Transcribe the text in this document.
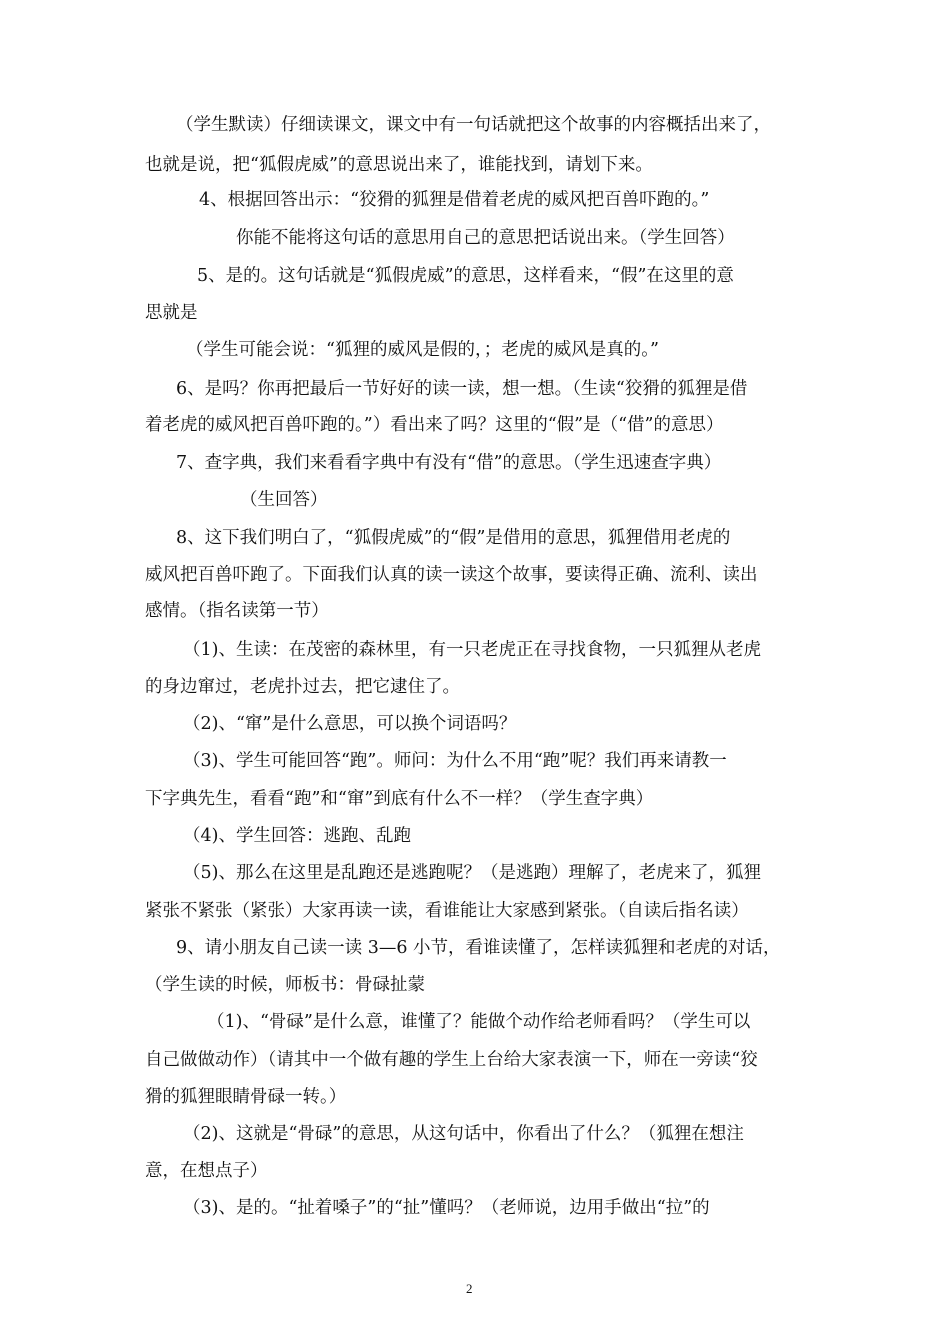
（学生默读）仔细读课文，课文中有一句话就把这个故事的内容概括出来了，
也就是说，把“狐假虎威”的意思说出来了，谁能找到，请划下来。
4、根据回答出示：“狡猾的狐狸是借着老虎的威风把百兽吓跑的。”
你能不能将这句话的意思用自己的意思把话说出来。（学生回答）
5、是的。这句话就是“狐假虎威”的意思，这样看来，“假”在这里的意
思就是
（学生可能会说：“狐狸的威风是假的，；老虎的威风是真的。”
6、是吗？你再把最后一节好好的读一读，想一想。（生读“狡猾的狐狸是借
着老虎的威风把百兽吓跑的。”）看出来了吗？这里的“假”是（“借”的意思）
7、查字典，我们来看看字典中有没有“借”的意思。（学生迅速查字典）
（生回答）
8、这下我们明白了，“狐假虎威”的“假”是借用的意思，狐狸借用老虎的
威风把百兽吓跑了。下面我们认真的读一读这个故事，要读得正确、流利、读出
感情。（指名读第一节）
（1)、生读：在茂密的森林里，有一只老虎正在寻找食物，一只狐狸从老虎
的身边窜过，老虎扑过去，把它逮住了。
（2)、“窜”是什么意思，可以换个词语吗？
（3)、学生可能回答“跑”。师问：为什么不用“跑”呢？我们再来请教一
下字典先生，看看“跑”和“窜”到底有什么不一样？（学生查字典）
（4)、学生回答：逃跑、乱跑
（5)、那么在这里是乱跑还是逃跑呢？（是逃跑）理解了，老虎来了，狐狸
紧张不紧张（紧张）大家再读一读，看谁能让大家感到紧张。（自读后指名读）
9、请小朋友自己读一读 3—6 小节，看谁读懂了，怎样读狐狸和老虎的对话，
（学生读的时候，师板书：骨碌扯蒙
（1)、“骨碌”是什么意，谁懂了？能做个动作给老师看吗？（学生可以
自己做做动作）（请其中一个做有趣的学生上台给大家表演一下，师在一旁读“狡
猾的狐狸眼睛骨碌一转。）
（2)、这就是“骨碌”的意思，从这句话中，你看出了什么？（狐狸在想注
意，在想点子）
（3)、是的。“扯着嗓子”的“扯”懂吗？（老师说，边用手做出“拉”的
2
